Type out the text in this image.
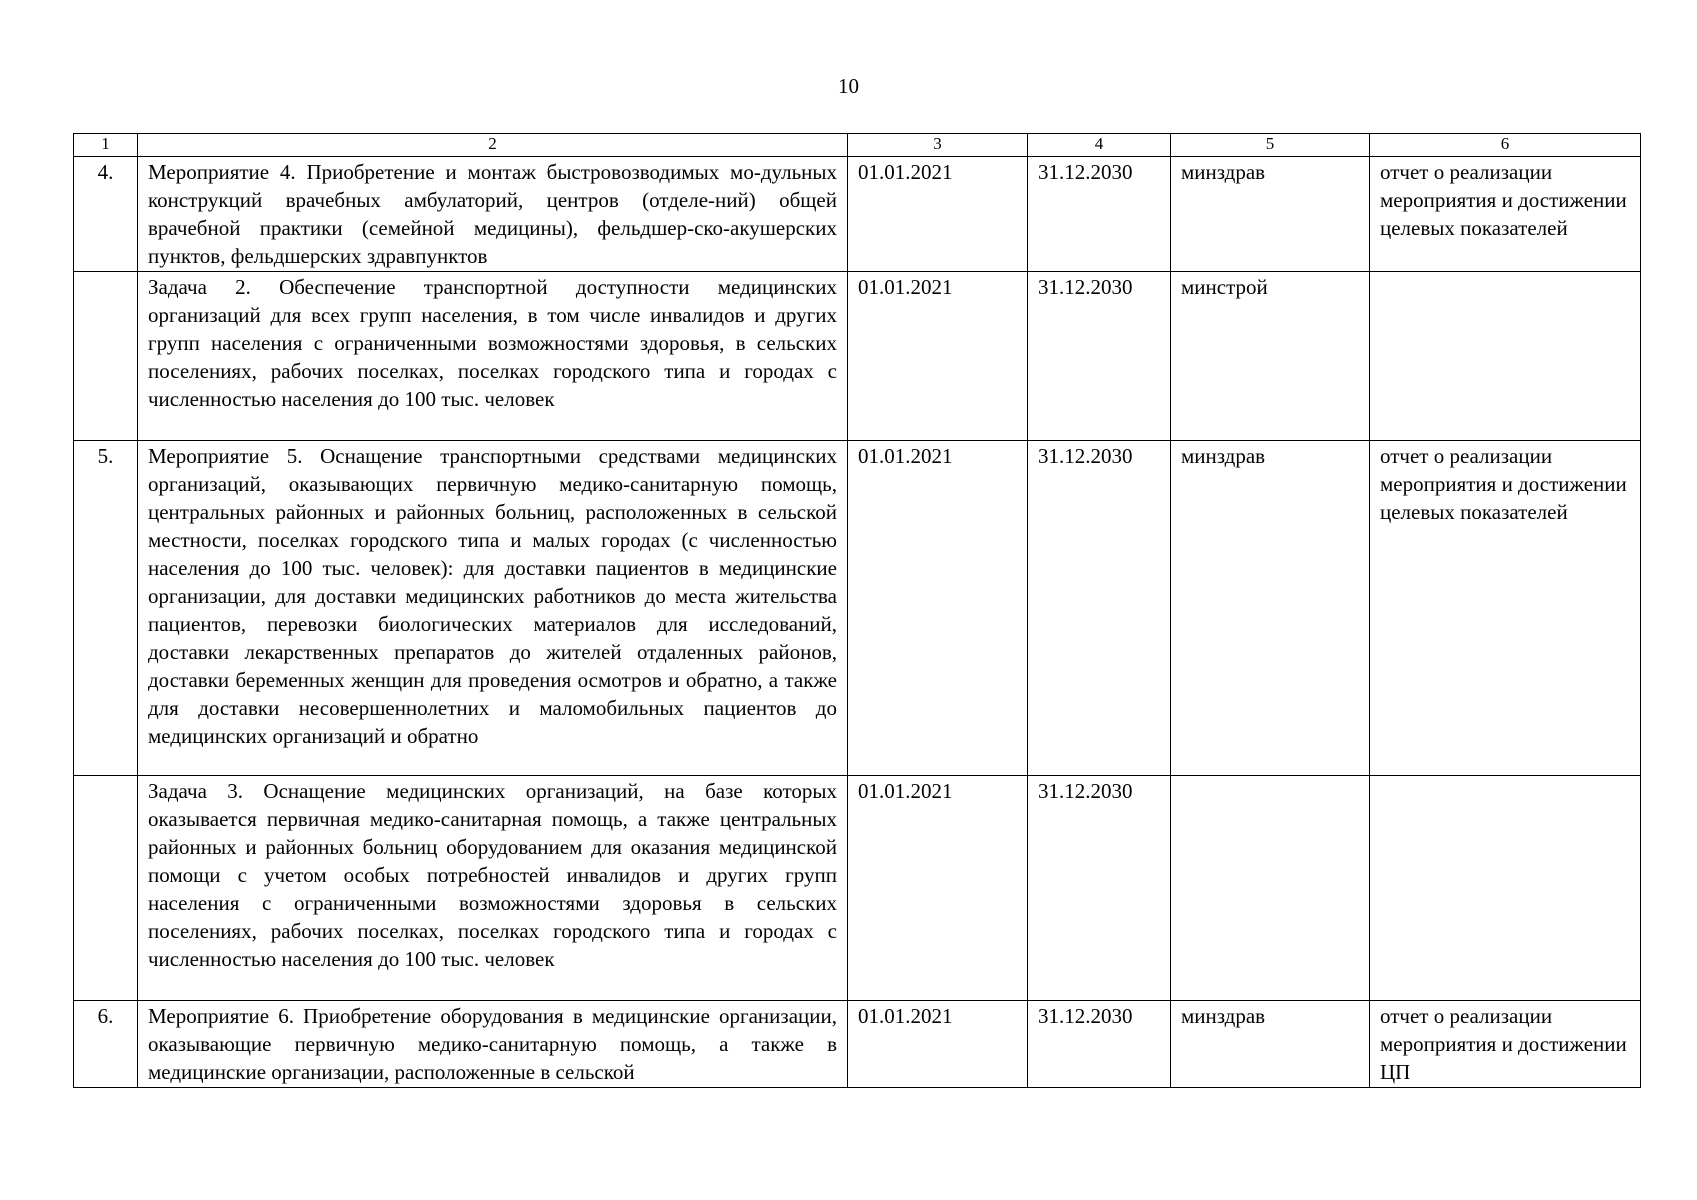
10
1	2	3	4	5	6
4.	Мероприятие 4. Приобретение и монтаж быстровозводимых мо-дульных конструкций врачебных амбулаторий, центров (отделе-ний) общей врачебной практики (семейной медицины), фельдшер-ско-акушерских пунктов, фельдшерских здравпунктов	01.01.2021	31.12.2030	минздрав	отчет о реализации мероприятия и достижении целевых показателей
	Задача 2. Обеспечение транспортной доступности медицинских организаций для всех групп населения, в том числе инвалидов и других групп населения с ограниченными возможностями здоровья, в сельских поселениях, рабочих поселках, поселках городского типа и городах с численностью населения до 100 тыс. человек	01.01.2021	31.12.2030	минстрой	
5.	Мероприятие 5. Оснащение транспортными средствами медицинских организаций, оказывающих первичную медико-санитарную помощь, центральных районных и районных больниц, расположенных в сельской местности, поселках городского типа и малых городах (с численностью населения до 100 тыс. человек): для доставки пациентов в медицинские организации, для доставки медицинских работников до места жительства пациентов, перевозки биологических материалов для исследований, доставки лекарственных препаратов до жителей отдаленных районов, доставки беременных женщин для проведения осмотров и обратно, а также для доставки несовершеннолетних и маломобильных пациентов до медицинских организаций и обратно	01.01.2021	31.12.2030	минздрав	отчет о реализации мероприятия и достижении целевых показателей
	Задача 3. Оснащение медицинских организаций, на базе которых оказывается первичная медико-санитарная помощь, а также центральных районных и районных больниц оборудованием для оказания медицинской помощи с учетом особых потребностей инвалидов и других групп населения с ограниченными возможностями здоровья в сельских поселениях, рабочих поселках, поселках городского типа и городах с численностью населения до 100 тыс. человек	01.01.2021	31.12.2030		
6.	Мероприятие 6. Приобретение оборудования в медицинские организации, оказывающие первичную медико-санитарную помощь, а также в медицинские организации, расположенные в сельской	01.01.2021	31.12.2030	минздрав	отчет о реализации мероприятия и достижении ЦП
